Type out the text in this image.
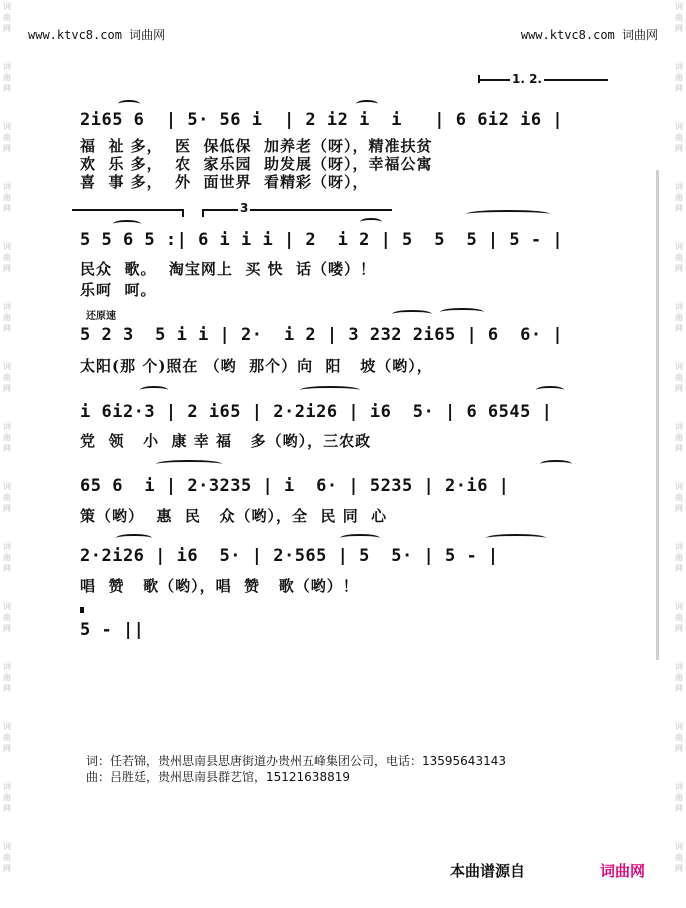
词
曲
网
词
曲
网
词
曲
网
词
曲
网
词
曲
网
词
曲
网
词
曲
网
词
曲
网
词
曲
网
词
曲
网
词
曲
网
词
曲
网
词
曲
网
词
曲
网
词
曲
网
词
曲
网
词
曲
网
词
曲
网
词
曲
网
词
曲
网
词
曲
网
词
曲
网
词
曲
网
词
曲
网
词
曲
网
词
曲
网
词
曲
网
词
曲
网
词
曲
网
词
曲
网
www.ktvc8.com 词曲网	www.ktvc8.com 词曲网
1. 2.
3
2i65 6  | 5· 56 i  | 2 i2 i  i   | 6 6i2 i6 |
5 5 6 5 :| 6 i i i | 2  i 2 | 5  5  5 | 5 - |
5 2 3  5 i i | 2·  i 2 | 3 232 2i65 | 6  6· |
i 6i2·3 | 2 i65 | 2·2i26 | i6  5· | 6 6545 |
65 6  i | 2·3235 | i  6· | 5235 | 2·i6 |
2·2i26 | i6  5· | 2·565 | 5  5· | 5 - |
5 - ||
还原速
福  祉 多，  医  保低保  加养老（呀），精准扶贫
欢  乐 多，  农  家乐园  助发展（呀），幸福公寓
喜  事 多，  外  面世界  看精彩（呀），
民众  歌。  淘宝网上  买 快  话（喽）！
乐呵  呵。
太阳(那 个)照在 （哟  那个）向  阳   坡（哟），
党  领   小  康 幸 福   多（哟），三农政
策（哟）  惠  民   众（哟），全  民 同  心
唱  赞   歌（哟），唱  赞   歌（哟）！
词：任若锦，贵州思南县思唐街道办贵州五峰集团公司，电话：13595643143
曲：吕胜廷，贵州思南县群艺馆，15121638819
本曲谱源自	词曲网
